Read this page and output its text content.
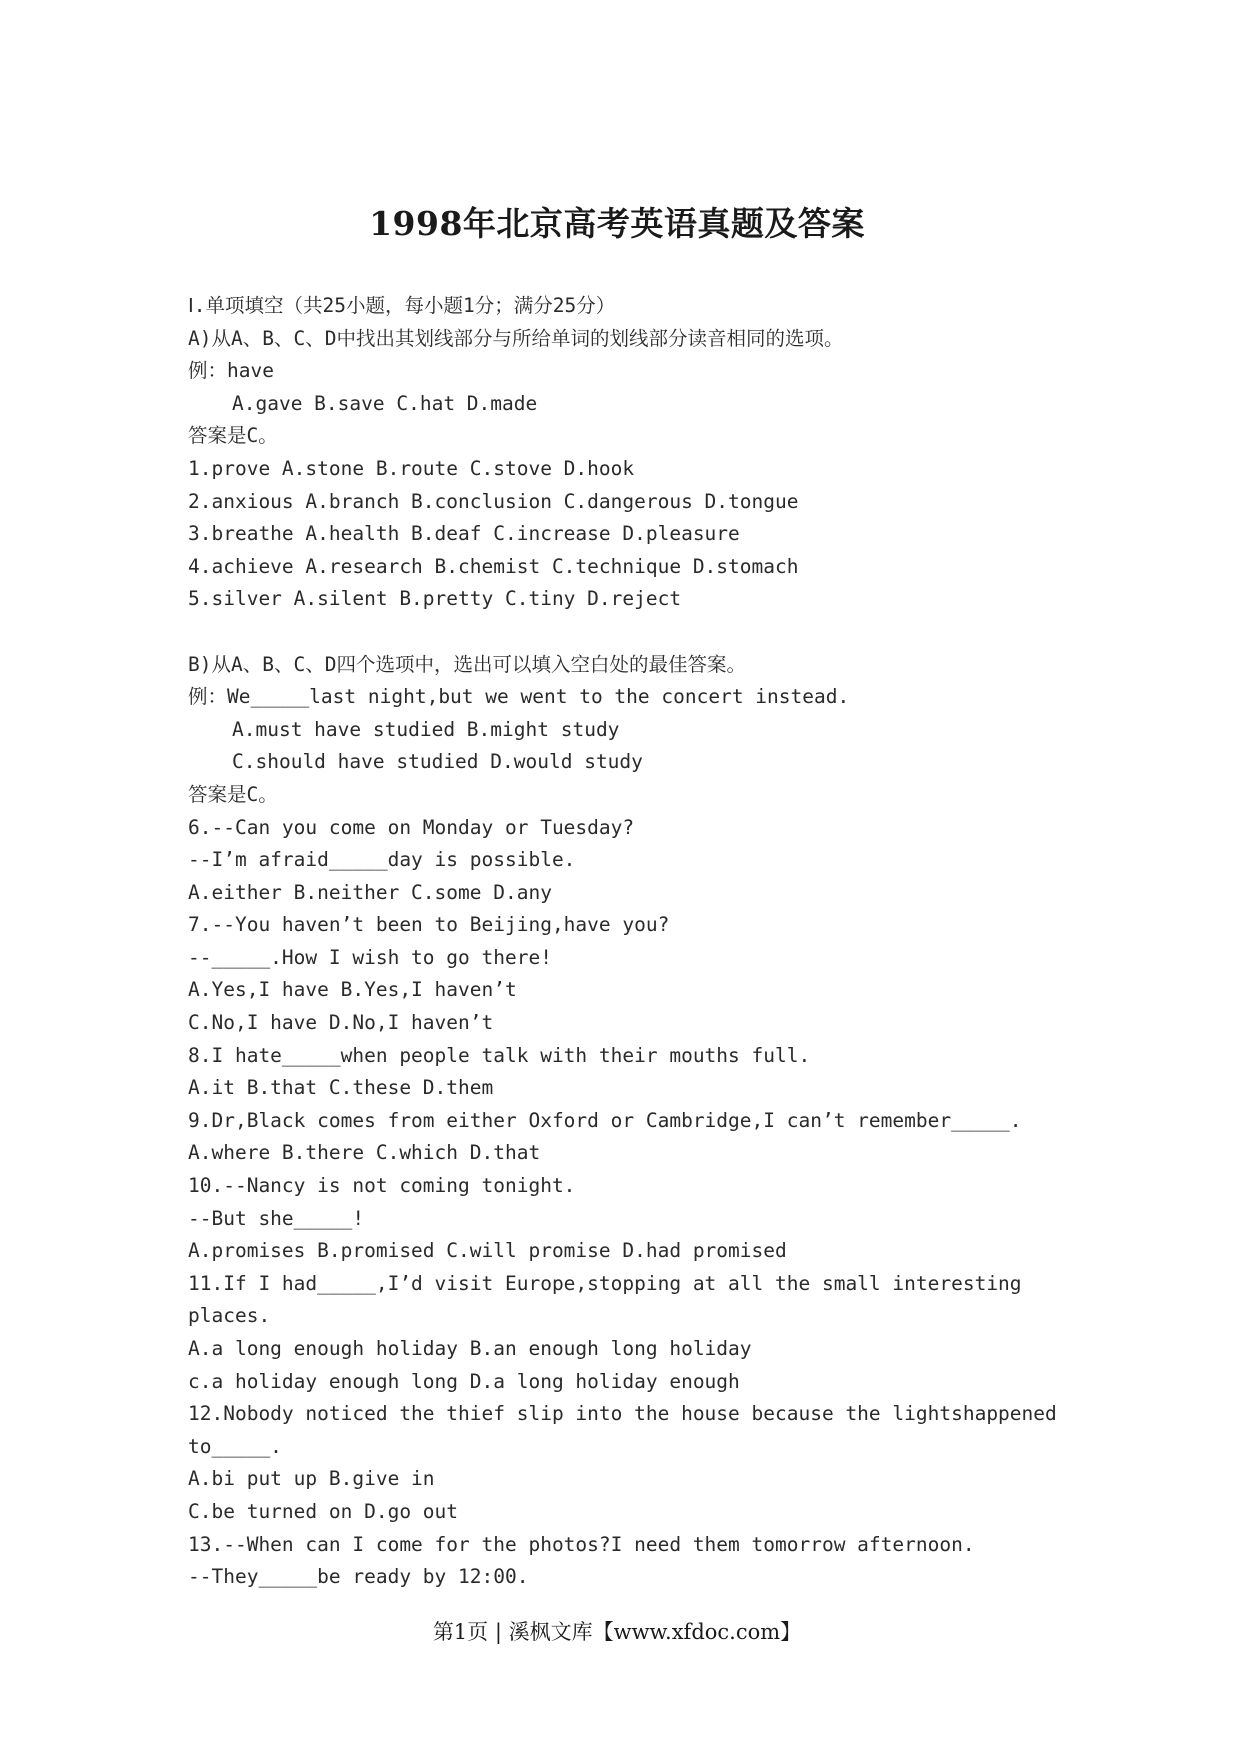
1998年北京高考英语真题及答案
Ⅰ.单项填空（共25小题，每小题1分；满分25分）
A)从A、B、C、D中找出其划线部分与所给单词的划线部分读音相同的选项。
例：have
A.gave B.save C.hat D.made
答案是C。
1.prove A.stone B.route C.stove D.hook
2.anxious A.branch B.conclusion C.dangerous D.tongue
3.breathe A.health B.deaf C.increase D.pleasure
4.achieve A.research B.chemist C.technique D.stomach
5.silver A.silent B.pretty C.tiny D.reject
B)从A、B、C、D四个选项中，选出可以填入空白处的最佳答案。
例：We_____last night,but we went to the concert instead.
A.must have studied B.might study
C.should have studied D.would study
答案是C。
6.--Can you come on Monday or Tuesday?
--I’m afraid_____day is possible.
A.either B.neither C.some D.any
7.--You haven’t been to Beijing,have you?
--_____.How I wish to go there!
A.Yes,I have B.Yes,I haven’t
C.No,I have D.No,I haven’t
8.I hate_____when people talk with their mouths full.
A.it B.that C.these D.them
9.Dr,Black comes from either Oxford or Cambridge,I can’t remember_____.
A.where B.there C.which D.that
10.--Nancy is not coming tonight.
--But she_____!
A.promises B.promised C.will promise D.had promised
11.If I had_____,I’d visit Europe,stopping at all the small interesting
places.
A.a long enough holiday B.an enough long holiday
c.a holiday enough long D.a long holiday enough
12.Nobody noticed the thief slip into the house because the lightshappened
to_____.
A.bi put up B.give in
C.be turned on D.go out
13.--When can I come for the photos?I need them tomorrow afternoon.
--They_____be ready by 12:00.
第1页 | 溪枫文库【www.xfdoc.com】
